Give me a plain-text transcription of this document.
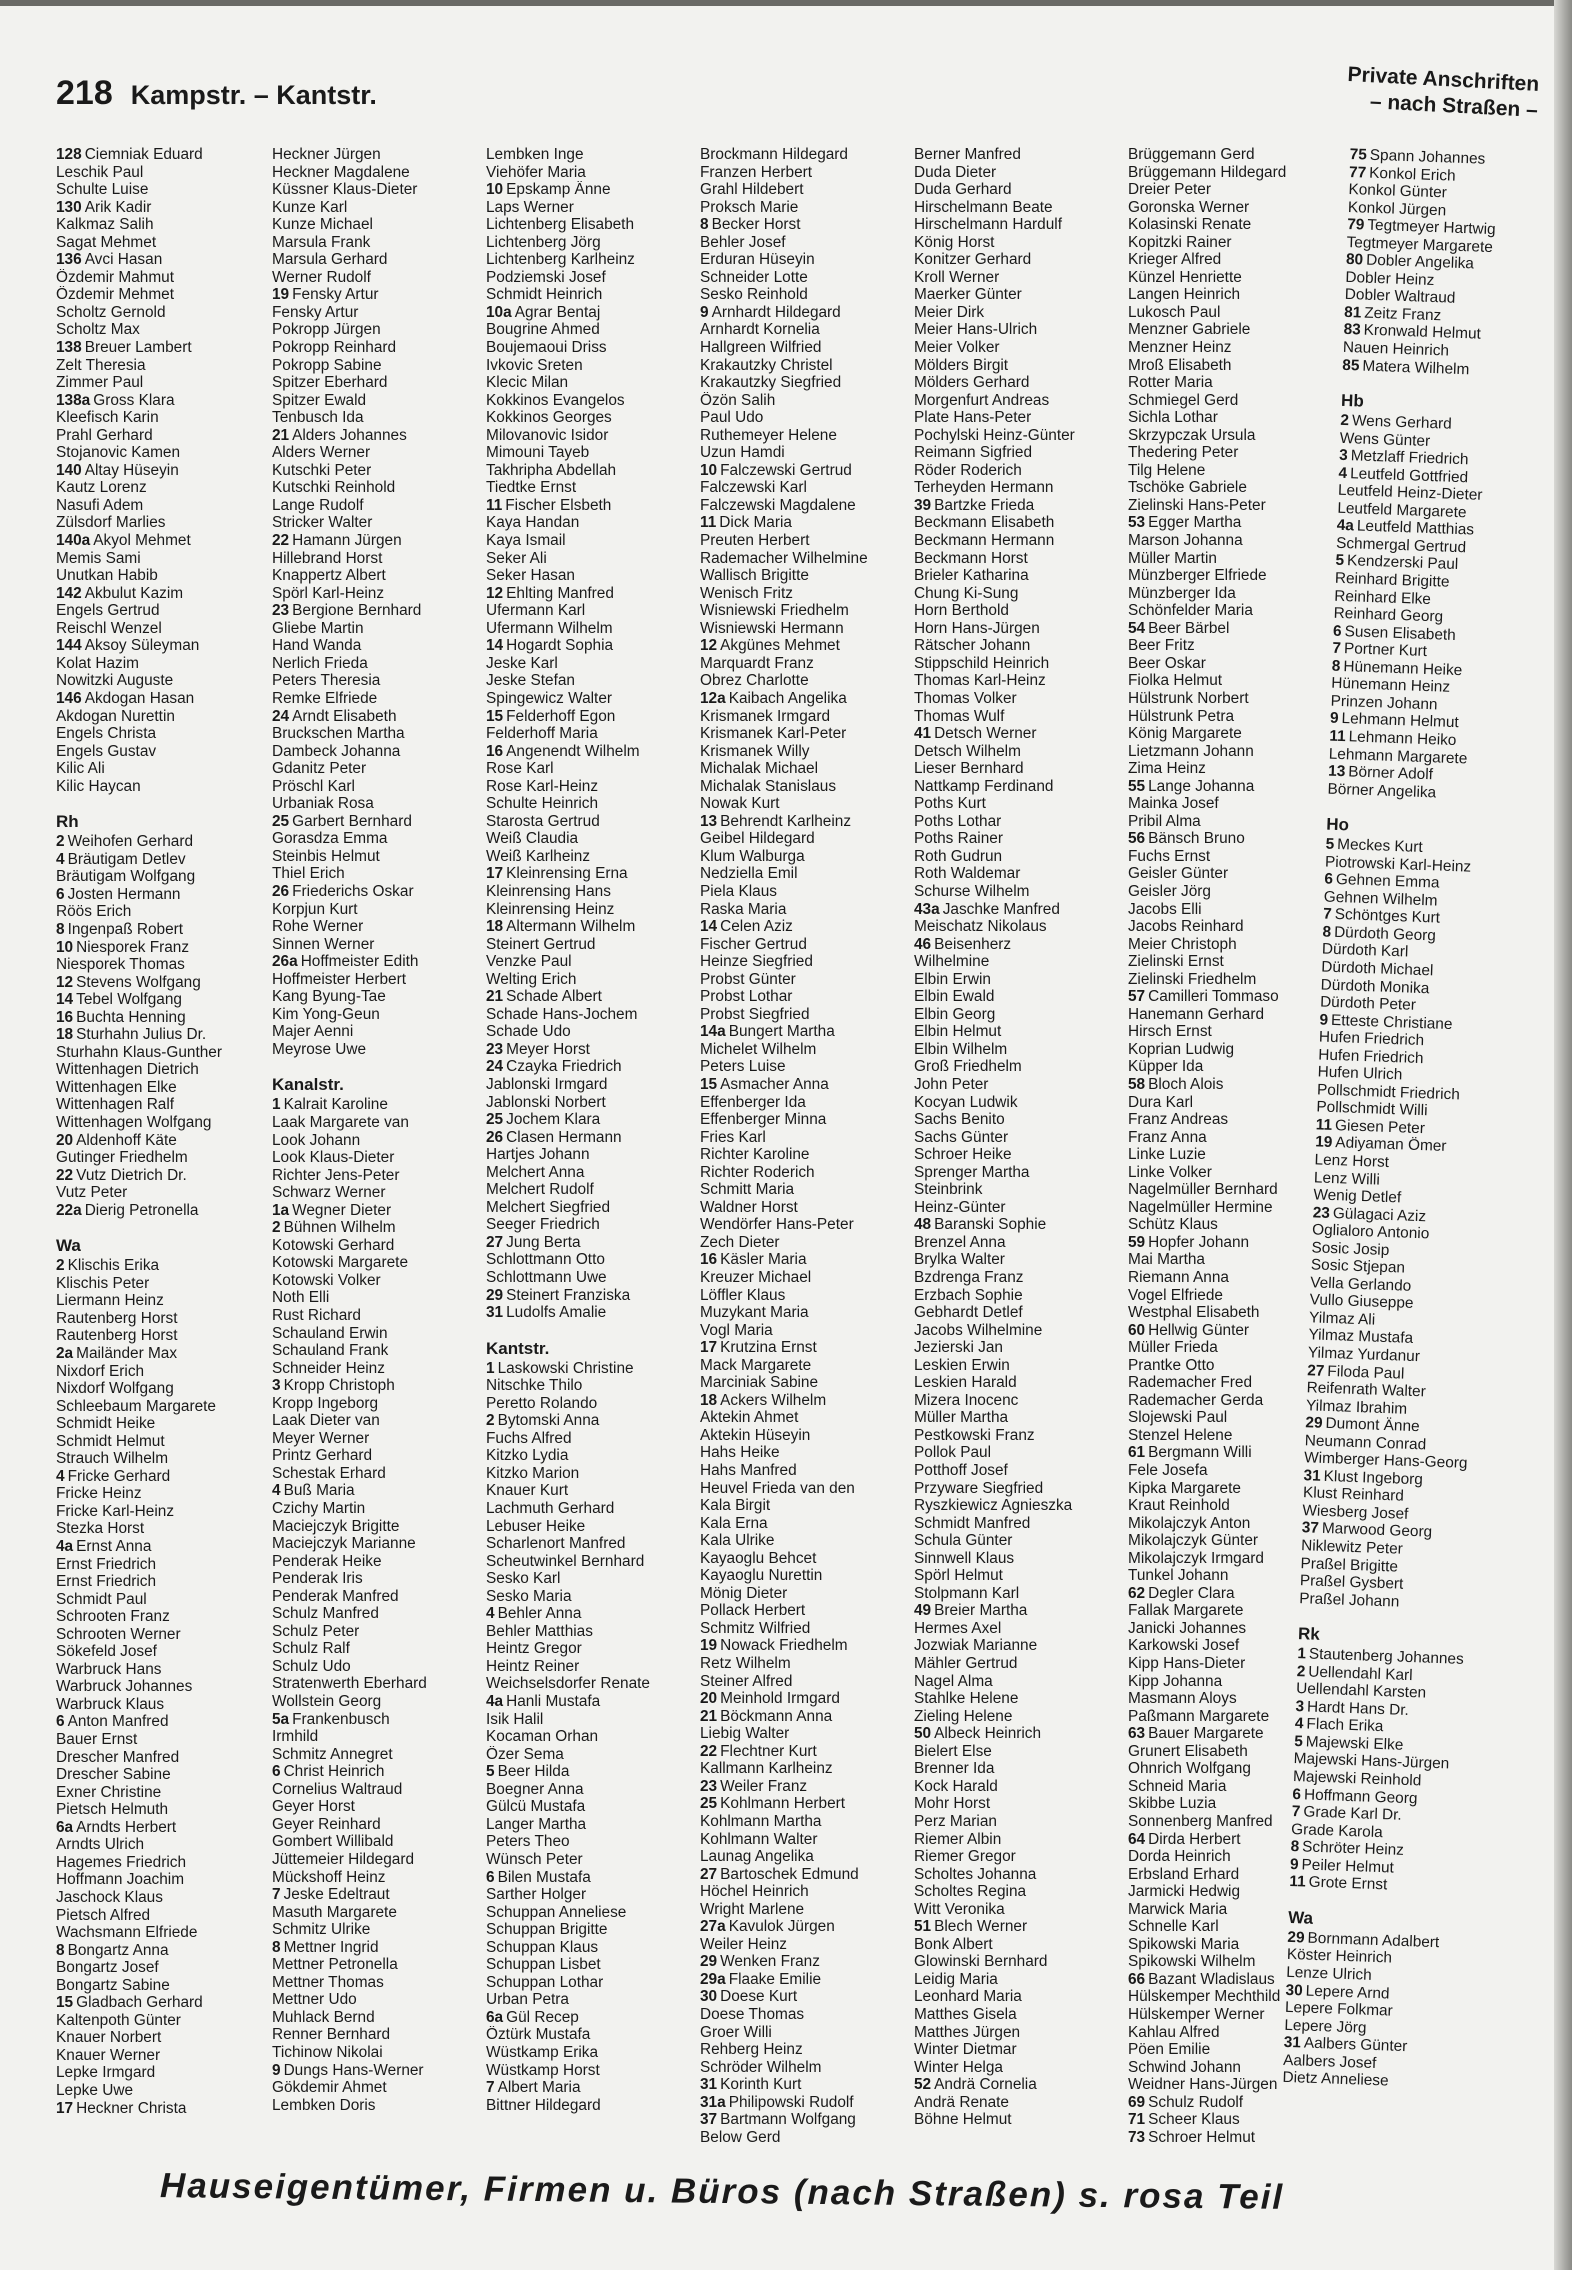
218 Kampstr. – Kantstr.	Private Anschriften
– nach Straßen –
128 Ciemniak Eduard
Leschik Paul
Schulte Luise
130 Arik Kadir
Kalkmaz Salih
Sagat Mehmet
136 Avci Hasan
Özdemir Mahmut
Özdemir Mehmet
Scholtz Gernold
Scholtz Max
138 Breuer Lambert
Zelt Theresia
Zimmer Paul
138a Gross Klara
Kleefisch Karin
Prahl Gerhard
Stojanovic Kamen
140 Altay Hüseyin
Kautz Lorenz
Nasufi Adem
Zülsdorf Marlies
140a Akyol Mehmet
Memis Sami
Unutkan Habib
142 Akbulut Kazim
Engels Gertrud
Reischl Wenzel
144 Aksoy Süleyman
Kolat Hazim
Nowitzki Auguste
146 Akdogan Hasan
Akdogan Nurettin
Engels Christa
Engels Gustav
Kilic Ali
Kilic Haycan
Rh
2 Weihofen Gerhard
4 Bräutigam Detlev
Bräutigam Wolfgang
6 Josten Hermann
Röös Erich
8 Ingenpaß Robert
10 Niesporek Franz
Niesporek Thomas
12 Stevens Wolfgang
14 Tebel Wolfgang
16 Buchta Henning
18 Sturhahn Julius Dr.
Sturhahn Klaus-Gunther
Wittenhagen Dietrich
Wittenhagen Elke
Wittenhagen Ralf
Wittenhagen Wolfgang
20 Aldenhoff Käte
Gutinger Friedhelm
22 Vutz Dietrich Dr.
Vutz Peter
22a Dierig Petronella
Wa
2 Klischis Erika
Klischis Peter
Liermann Heinz
Rautenberg Horst
Rautenberg Horst
2a Mailänder Max
Nixdorf Erich
Nixdorf Wolfgang
Schleebaum Margarete
Schmidt Heike
Schmidt Helmut
Strauch Wilhelm
4 Fricke Gerhard
Fricke Heinz
Fricke Karl-Heinz
Stezka Horst
4a Ernst Anna
Ernst Friedrich
Ernst Friedrich
Schmidt Paul
Schrooten Franz
Schrooten Werner
Sökefeld Josef
Warbruck Hans
Warbruck Johannes
Warbruck Klaus
6 Anton Manfred
Bauer Ernst
Drescher Manfred
Drescher Sabine
Exner Christine
Pietsch Helmuth
6a Arndts Herbert
Arndts Ulrich
Hagemes Friedrich
Hoffmann Joachim
Jaschock Klaus
Pietsch Alfred
Wachsmann Elfriede
8 Bongartz Anna
Bongartz Josef
Bongartz Sabine
15 Gladbach Gerhard
Kaltenpoth Günter
Knauer Norbert
Knauer Werner
Lepke Irmgard
Lepke Uwe
17 Heckner Christa
Heckner Jürgen
Heckner Magdalene
Küssner Klaus-Dieter
Kunze Karl
Kunze Michael
Marsula Frank
Marsula Gerhard
Werner Rudolf
19 Fensky Artur
Fensky Artur
Pokropp Jürgen
Pokropp Reinhard
Pokropp Sabine
Spitzer Eberhard
Spitzer Ewald
Tenbusch Ida
21 Alders Johannes
Alders Werner
Kutschki Peter
Kutschki Reinhold
Lange Rudolf
Stricker Walter
22 Hamann Jürgen
Hillebrand Horst
Knappertz Albert
Spörl Karl-Heinz
23 Bergione Bernhard
Gliebe Martin
Hand Wanda
Nerlich Frieda
Peters Theresia
Remke Elfriede
24 Arndt Elisabeth
Bruckschen Martha
Dambeck Johanna
Gdanitz Peter
Pröschl Karl
Urbaniak Rosa
25 Garbert Bernhard
Gorasdza Emma
Steinbis Helmut
Thiel Erich
26 Friederichs Oskar
Korpjun Kurt
Rohe Werner
Sinnen Werner
26a Hoffmeister Edith
Hoffmeister Herbert
Kang Byung-Tae
Kim Yong-Geun
Majer Aenni
Meyrose Uwe
Kanalstr.
1 Kalrait Karoline
Laak Margarete van
Look Johann
Look Klaus-Dieter
Richter Jens-Peter
Schwarz Werner
1a Wegner Dieter
2 Bühnen Wilhelm
Kotowski Gerhard
Kotowski Margarete
Kotowski Volker
Noth Elli
Rust Richard
Schauland Erwin
Schauland Frank
Schneider Heinz
3 Kropp Christoph
Kropp Ingeborg
Laak Dieter van
Meyer Werner
Printz Gerhard
Schestak Erhard
4 Buß Maria
Czichy Martin
Maciejczyk Brigitte
Maciejczyk Marianne
Penderak Heike
Penderak Iris
Penderak Manfred
Schulz Manfred
Schulz Peter
Schulz Ralf
Schulz Udo
Stratenwerth Eberhard
Wollstein Georg
5a Frankenbusch
Irmhild
Schmitz Annegret
6 Christ Heinrich
Cornelius Waltraud
Geyer Horst
Geyer Reinhard
Gombert Willibald
Jüttemeier Hildegard
Mückshoff Heinz
7 Jeske Edeltraut
Masuth Margarete
Schmitz Ulrike
8 Mettner Ingrid
Mettner Petronella
Mettner Thomas
Mettner Udo
Muhlack Bernd
Renner Bernhard
Tichinow Nikolai
9 Dungs Hans-Werner
Gökdemir Ahmet
Lembken Doris
Lembken Inge
Viehöfer Maria
10 Epskamp Änne
Laps Werner
Lichtenberg Elisabeth
Lichtenberg Jörg
Lichtenberg Karlheinz
Podziemski Josef
Schmidt Heinrich
10a Agrar Bentaj
Bougrine Ahmed
Boujemaoui Driss
Ivkovic Sreten
Klecic Milan
Kokkinos Evangelos
Kokkinos Georges
Milovanovic Isidor
Mimouni Tayeb
Takhripha Abdellah
Tiedtke Ernst
11 Fischer Elsbeth
Kaya Handan
Kaya Ismail
Seker Ali
Seker Hasan
12 Ehlting Manfred
Ufermann Karl
Ufermann Wilhelm
14 Hogardt Sophia
Jeske Karl
Jeske Stefan
Spingewicz Walter
15 Felderhoff Egon
Felderhoff Maria
16 Angenendt Wilhelm
Rose Karl
Rose Karl-Heinz
Schulte Heinrich
Starosta Gertrud
Weiß Claudia
Weiß Karlheinz
17 Kleinrensing Erna
Kleinrensing Hans
Kleinrensing Heinz
18 Altermann Wilhelm
Steinert Gertrud
Venzke Paul
Welting Erich
21 Schade Albert
Schade Hans-Jochem
Schade Udo
23 Meyer Horst
24 Czayka Friedrich
Jablonski Irmgard
Jablonski Norbert
25 Jochem Klara
26 Clasen Hermann
Hartjes Johann
Melchert Anna
Melchert Rudolf
Melchert Siegfried
Seeger Friedrich
27 Jung Berta
Schlottmann Otto
Schlottmann Uwe
29 Steinert Franziska
31 Ludolfs Amalie
Kantstr.
1 Laskowski Christine
Nitschke Thilo
Peretto Rolando
2 Bytomski Anna
Fuchs Alfred
Kitzko Lydia
Kitzko Marion
Knauer Kurt
Lachmuth Gerhard
Lebuser Heike
Scharlenort Manfred
Scheutwinkel Bernhard
Sesko Karl
Sesko Maria
4 Behler Anna
Behler Matthias
Heintz Gregor
Heintz Reiner
Weichselsdorfer Renate
4a Hanli Mustafa
Isik Halil
Kocaman Orhan
Özer Sema
5 Beer Hilda
Boegner Anna
Gülcü Mustafa
Langer Martha
Peters Theo
Wünsch Peter
6 Bilen Mustafa
Sarther Holger
Schuppan Anneliese
Schuppan Brigitte
Schuppan Klaus
Schuppan Lisbet
Schuppan Lothar
Urban Petra
6a Gül Recep
Öztürk Mustafa
Wüstkamp Erika
Wüstkamp Horst
7 Albert Maria
Bittner Hildegard
Brockmann Hildegard
Franzen Herbert
Grahl Hildebert
Proksch Marie
8 Becker Horst
Behler Josef
Erduran Hüseyin
Schneider Lotte
Sesko Reinhold
9 Arnhardt Hildegard
Arnhardt Kornelia
Hallgreen Wilfried
Krakautzky Christel
Krakautzky Siegfried
Özön Salih
Paul Udo
Ruthemeyer Helene
Uzun Hamdi
10 Falczewski Gertrud
Falczewski Karl
Falczewski Magdalene
11 Dick Maria
Preuten Herbert
Rademacher Wilhelmine
Wallisch Brigitte
Wenisch Fritz
Wisniewski Friedhelm
Wisniewski Hermann
12 Akgünes Mehmet
Marquardt Franz
Obrez Charlotte
12a Kaibach Angelika
Krismanek Irmgard
Krismanek Karl-Peter
Krismanek Willy
Michalak Michael
Michalak Stanislaus
Nowak Kurt
13 Behrendt Karlheinz
Geibel Hildegard
Klum Walburga
Nedziella Emil
Piela Klaus
Raska Maria
14 Celen Aziz
Fischer Gertrud
Heinze Siegfried
Probst Günter
Probst Lothar
Probst Siegfried
14a Bungert Martha
Michelet Wilhelm
Peters Luise
15 Asmacher Anna
Effenberger Ida
Effenberger Minna
Fries Karl
Richter Karoline
Richter Roderich
Schmitt Maria
Waldner Horst
Wendörfer Hans-Peter
Zech Dieter
16 Käsler Maria
Kreuzer Michael
Löffler Klaus
Muzykant Maria
Vogl Maria
17 Krutzina Ernst
Mack Margarete
Marciniak Sabine
18 Ackers Wilhelm
Aktekin Ahmet
Aktekin Hüseyin
Hahs Heike
Hahs Manfred
Heuvel Frieda van den
Kala Birgit
Kala Erna
Kala Ulrike
Kayaoglu Behcet
Kayaoglu Nurettin
Mönig Dieter
Pollack Herbert
Schmitz Wilfried
19 Nowack Friedhelm
Retz Wilhelm
Steiner Alfred
20 Meinhold Irmgard
21 Böckmann Anna
Liebig Walter
22 Flechtner Kurt
Kallmann Karlheinz
23 Weiler Franz
25 Kohlmann Herbert
Kohlmann Martha
Kohlmann Walter
Launag Angelika
27 Bartoschek Edmund
Höchel Heinrich
Wright Marlene
27a Kavulok Jürgen
Weiler Heinz
29 Wenken Franz
29a Flaake Emilie
30 Doese Kurt
Doese Thomas
Groer Willi
Rehberg Heinz
Schröder Wilhelm
31 Korinth Kurt
31a Philipowski Rudolf
37 Bartmann Wolfgang
Below Gerd
Berner Manfred
Duda Dieter
Duda Gerhard
Hirschelmann Beate
Hirschelmann Hardulf
König Horst
Konitzer Gerhard
Kroll Werner
Maerker Günter
Meier Dirk
Meier Hans-Ulrich
Meier Volker
Mölders Birgit
Mölders Gerhard
Morgenfurt Andreas
Plate Hans-Peter
Pochylski Heinz-Günter
Reimann Sigfried
Röder Roderich
Terheyden Hermann
39 Bartzke Frieda
Beckmann Elisabeth
Beckmann Hermann
Beckmann Horst
Brieler Katharina
Chung Ki-Sung
Horn Berthold
Horn Hans-Jürgen
Rätscher Johann
Stippschild Heinrich
Thomas Karl-Heinz
Thomas Volker
Thomas Wulf
41 Detsch Werner
Detsch Wilhelm
Lieser Bernhard
Nattkamp Ferdinand
Poths Kurt
Poths Lothar
Poths Rainer
Roth Gudrun
Roth Waldemar
Schurse Wilhelm
43a Jaschke Manfred
Meischatz Nikolaus
46 Beisenherz
Wilhelmine
Elbin Erwin
Elbin Ewald
Elbin Georg
Elbin Helmut
Elbin Wilhelm
Groß Friedhelm
John Peter
Kocyan Ludwik
Sachs Benito
Sachs Günter
Schroer Heike
Sprenger Martha
Steinbrink
Heinz-Günter
48 Baranski Sophie
Brenzel Anna
Brylka Walter
Bzdrenga Franz
Erzbach Sophie
Gebhardt Detlef
Jacobs Wilhelmine
Jezierski Jan
Leskien Erwin
Leskien Harald
Mizera Inocenc
Müller Martha
Pestkowski Franz
Pollok Paul
Potthoff Josef
Przyware Siegfried
Ryszkiewicz Agnieszka
Schmidt Manfred
Schula Günter
Sinnwell Klaus
Spörl Helmut
Stolpmann Karl
49 Breier Martha
Hermes Axel
Jozwiak Marianne
Mähler Gertrud
Nagel Alma
Stahlke Helene
Zieling Helene
50 Albeck Heinrich
Bielert Else
Brenner Ida
Kock Harald
Mohr Horst
Perz Marian
Riemer Albin
Riemer Gregor
Scholtes Johanna
Scholtes Regina
Witt Veronika
51 Blech Werner
Bonk Albert
Glowinski Bernhard
Leidig Maria
Leonhard Maria
Matthes Gisela
Matthes Jürgen
Winter Dietmar
Winter Helga
52 Andrä Cornelia
Andrä Renate
Böhne Helmut
Brüggemann Gerd
Brüggemann Hildegard
Dreier Peter
Goronska Werner
Kolasinski Renate
Kopitzki Rainer
Krieger Alfred
Künzel Henriette
Langen Heinrich
Lukosch Paul
Menzner Gabriele
Menzner Heinz
Mroß Elisabeth
Rotter Maria
Schmiegel Gerd
Sichla Lothar
Skrzypczak Ursula
Thedering Peter
Tilg Helene
Tschöke Gabriele
Zielinski Hans-Peter
53 Egger Martha
Marson Johanna
Müller Martin
Münzberger Elfriede
Münzberger Ida
Schönfelder Maria
54 Beer Bärbel
Beer Fritz
Beer Oskar
Fiolka Helmut
Hülstrunk Norbert
Hülstrunk Petra
König Margarete
Lietzmann Johann
Zima Heinz
55 Lange Johanna
Mainka Josef
Pribil Alma
56 Bänsch Bruno
Fuchs Ernst
Geisler Günter
Geisler Jörg
Jacobs Elli
Jacobs Reinhard
Meier Christoph
Zielinski Ernst
Zielinski Friedhelm
57 Camilleri Tommaso
Hanemann Gerhard
Hirsch Ernst
Koprian Ludwig
Küpper Ida
58 Bloch Alois
Dura Karl
Franz Andreas
Franz Anna
Linke Luzie
Linke Volker
Nagelmüller Bernhard
Nagelmüller Hermine
Schütz Klaus
59 Hopfer Johann
Mai Martha
Riemann Anna
Vogel Elfriede
Westphal Elisabeth
60 Hellwig Günter
Müller Frieda
Prantke Otto
Rademacher Fred
Rademacher Gerda
Slojewski Paul
Stenzel Helene
61 Bergmann Willi
Fele Josefa
Kipka Margarete
Kraut Reinhold
Mikolajczyk Anton
Mikolajczyk Günter
Mikolajczyk Irmgard
Tunkel Johann
62 Degler Clara
Fallak Margarete
Janicki Johannes
Karkowski Josef
Kipp Hans-Dieter
Kipp Johanna
Masmann Aloys
Paßmann Margarete
63 Bauer Margarete
Grunert Elisabeth
Ohnrich Wolfgang
Schneid Maria
Skibbe Luzia
Sonnenberg Manfred
64 Dirda Herbert
Dorda Heinrich
Erbsland Erhard
Jarmicki Hedwig
Marwick Maria
Schnelle Karl
Spikowski Maria
Spikowski Wilhelm
66 Bazant Wladislaus
Hülskemper Mechthild
Hülskemper Werner
Kahlau Alfred
Pöen Emilie
Schwind Johann
Weidner Hans-Jürgen
69 Schulz Rudolf
71 Scheer Klaus
73 Schroer Helmut
75 Spann Johannes
77 Konkol Erich
Konkol Günter
Konkol Jürgen
79 Tegtmeyer Hartwig
Tegtmeyer Margarete
80 Dobler Angelika
Dobler Heinz
Dobler Waltraud
81 Zeitz Franz
83 Kronwald Helmut
Nauen Heinrich
85 Matera Wilhelm
Hb
2 Wens Gerhard
Wens Günter
3 Metzlaff Friedrich
4 Leutfeld Gottfried
Leutfeld Heinz-Dieter
Leutfeld Margarete
4a Leutfeld Matthias
Schmergal Gertrud
5 Kendzerski Paul
Reinhard Brigitte
Reinhard Elke
Reinhard Georg
6 Susen Elisabeth
7 Portner Kurt
8 Hünemann Heike
Hünemann Heinz
Prinzen Johann
9 Lehmann Helmut
11 Lehmann Heiko
Lehmann Margarete
13 Börner Adolf
Börner Angelika
Ho
5 Meckes Kurt
Piotrowski Karl-Heinz
6 Gehnen Emma
Gehnen Wilhelm
7 Schöntges Kurt
8 Dürdoth Georg
Dürdoth Karl
Dürdoth Michael
Dürdoth Monika
Dürdoth Peter
9 Etteste Christiane
Hufen Friedrich
Hufen Friedrich
Hufen Ulrich
Pollschmidt Friedrich
Pollschmidt Willi
11 Giesen Peter
19 Adiyaman Ömer
Lenz Horst
Lenz Willi
Wenig Detlef
23 Gülagaci Aziz
Oglialoro Antonio
Sosic Josip
Sosic Stjepan
Vella Gerlando
Vullo Giuseppe
Yilmaz Ali
Yilmaz Mustafa
Yilmaz Yurdanur
27 Filoda Paul
Reifenrath Walter
Yilmaz Ibrahim
29 Dumont Änne
Neumann Conrad
Wimberger Hans-Georg
31 Klust Ingeborg
Klust Reinhard
Wiesberg Josef
37 Marwood Georg
Niklewitz Peter
Praßel Brigitte
Praßel Gysbert
Praßel Johann
Rk
1 Stautenberg Johannes
2 Uellendahl Karl
Uellendahl Karsten
3 Hardt Hans Dr.
4 Flach Erika
5 Majewski Elke
Majewski Hans-Jürgen
Majewski Reinhold
6 Hoffmann Georg
7 Grade Karl Dr.
Grade Karola
8 Schröter Heinz
9 Peiler Helmut
11 Grote Ernst
Wa
29 Bornmann Adalbert
Köster Heinrich
Lenze Ulrich
30 Lepere Arnd
Lepere Folkmar
Lepere Jörg
31 Aalbers Günter
Aalbers Josef
Dietz Anneliese
Hauseigentümer, Firmen u. Büros (nach Straßen) s. rosa Teil
